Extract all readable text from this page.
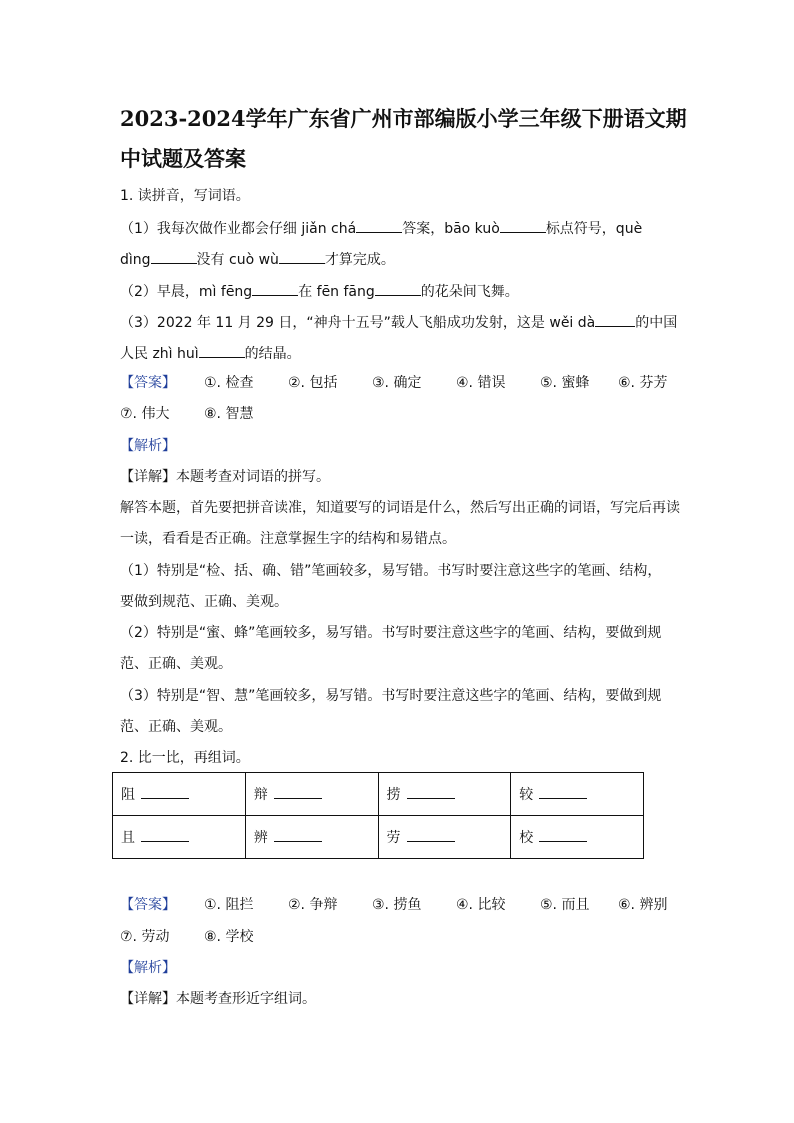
2023-2024学年广东省广州市部编版小学三年级下册语文期
中试题及答案
1. 读拼音，写词语。
（1）我每次做作业都会仔细 jiǎn chá	答案，bāo kuò	标点符号，què
dìng	没有 cuò wù	才算完成。
（2）早晨，mì fēng	在 fēn fāng	的花朵间飞舞。
（3）2022 年 11 月 29 日，“神舟十五号”载人飞船成功发射，这是 wěi dà	的中国
人民 zhì huì	的结晶。
【答案】 ①. 检查 ②. 包括 ③. 确定 ④. 错误 ⑤. 蜜蜂 ⑥. 芬芳
⑦. 伟大 ⑧. 智慧
【解析】
【详解】本题考查对词语的拼写。
解答本题，首先要把拼音读准，知道要写的词语是什么，然后写出正确的词语，写完后再读
一读，看看是否正确。注意掌握生字的结构和易错点。
（1）特别是“检、括、确、错”笔画较多，易写错。书写时要注意这些字的笔画、结构，
要做到规范、正确、美观。
（2）特别是“蜜、蜂”笔画较多，易写错。书写时要注意这些字的笔画、结构，要做到规
范、正确、美观。
（3）特别是“智、慧”笔画较多，易写错。书写时要注意这些字的笔画、结构，要做到规
范、正确、美观。
2. 比一比，再组词。
阻	辩	捞	较
且	辨	劳	校
【答案】 ①. 阻拦 ②. 争辩 ③. 捞鱼 ④. 比较 ⑤. 而且 ⑥. 辨别
⑦. 劳动 ⑧. 学校
【解析】
【详解】本题考查形近字组词。
